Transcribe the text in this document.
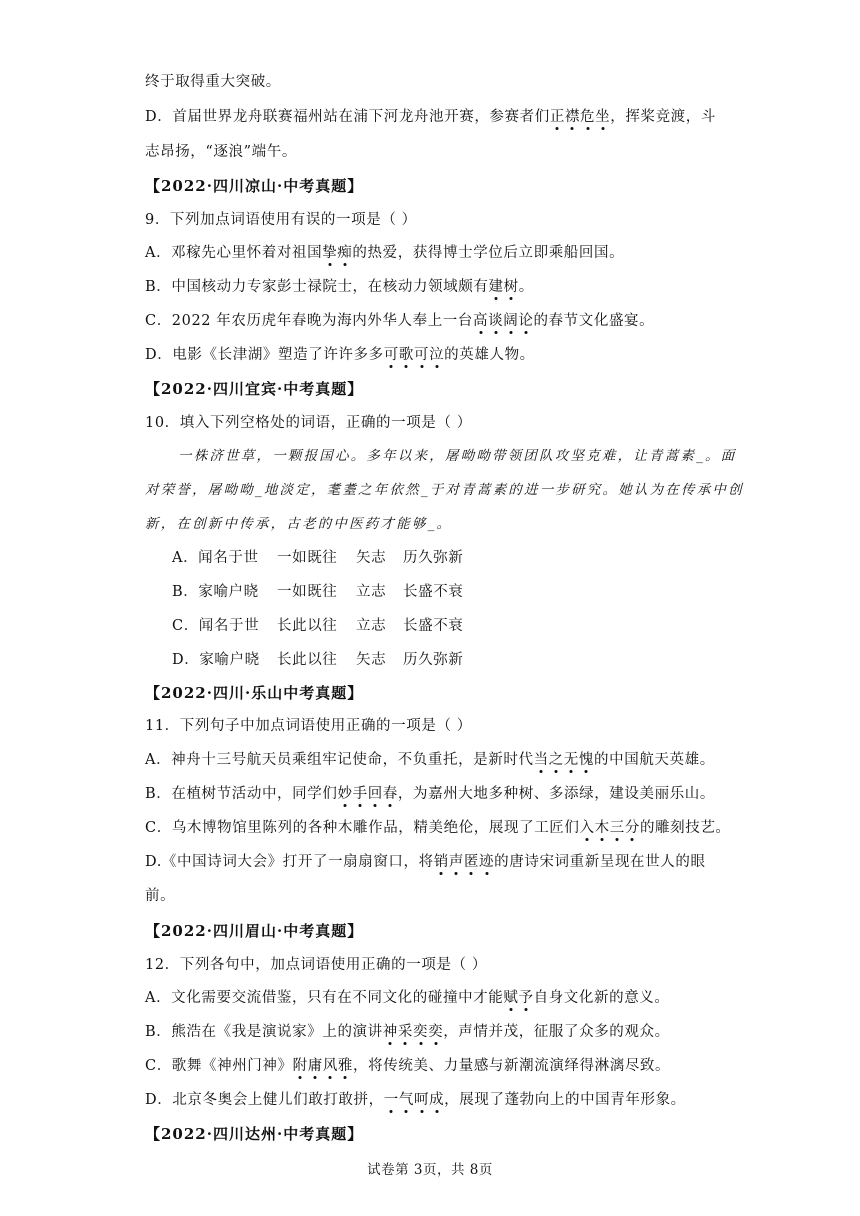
终于取得重大突破。
D．首届世界龙舟联赛福州站在浦下河龙舟池开赛，参赛者们正襟危坐，挥桨竞渡，斗
志昂扬，“逐浪”端午。
【2022·四川凉山·中考真题】
9．下列加点词语使用有误的一项是（ ）
A．邓稼先心里怀着对祖国挚痴的热爱，获得博士学位后立即乘船回国。
B．中国核动力专家彭士禄院士，在核动力领域颇有建树。
C．2022 年农历虎年春晚为海内外华人奉上一台高谈阔论的春节文化盛宴。
D．电影《长津湖》塑造了许许多多可歌可泣的英雄人物。
【2022·四川宜宾·中考真题】
10．填入下列空格处的词语，正确的一项是（ ）
一株济世草，一颗报国心。多年以来，屠呦呦带领团队攻坚克难，让青蒿素_。面
对荣誉，屠呦呦_地淡定，耄耋之年依然_于对青蒿素的进一步研究。她认为在传承中创
新，在创新中传承，古老的中医药才能够_。
【2022·四川·乐山中考真题】
11．下列句子中加点词语使用正确的一项是（ ）
A．神舟十三号航天员乘组牢记使命，不负重托，是新时代当之无愧的中国航天英雄。
B．在植树节活动中，同学们妙手回春，为嘉州大地多种树、多添绿，建设美丽乐山。
C．乌木博物馆里陈列的各种木雕作品，精美绝伦，展现了工匠们入木三分的雕刻技艺。
D.《中国诗词大会》打开了一扇扇窗口，将销声匿迹的唐诗宋词重新呈现在世人的眼
前。
【2022·四川眉山·中考真题】
12．下列各句中，加点词语使用正确的一项是（ ）
A．文化需要交流借鉴，只有在不同文化的碰撞中才能赋予自身文化新的意义。
B．熊浩在《我是演说家》上的演讲神采奕奕，声情并茂，征服了众多的观众。
C．歌舞《神州门神》附庸风雅，将传统美、力量感与新潮流演绎得淋漓尽致。
D．北京冬奥会上健儿们敢打敢拼，一气呵成，展现了蓬勃向上的中国青年形象。
【2022·四川达州·中考真题】
A．闻名于世 一如既往 矢志 历久弥新
B．家喻户晓 一如既往 立志 长盛不衰
C．闻名于世 长此以往 立志 长盛不衰
D．家喻户晓 长此以往 矢志 历久弥新
试卷第 3页，共 8页
